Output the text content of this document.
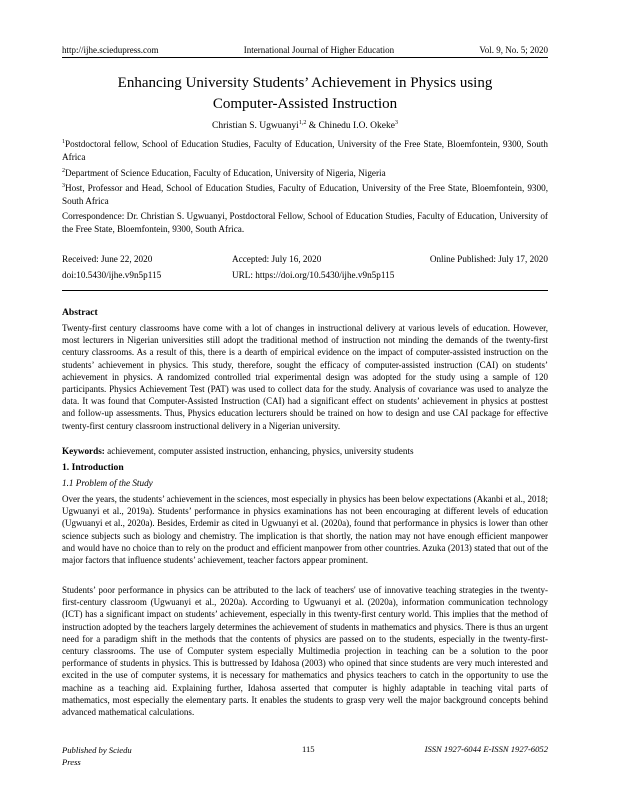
http://ijhe.sciedupress.com	International Journal of Higher Education	Vol. 9, No. 5; 2020
Enhancing University Students’ Achievement in Physics using
Computer-Assisted Instruction
Christian S. Ugwuanyi$^{1,2}$ & Chinedu I.O. Okeke$^3$
$^1$Postdoctoral fellow, School of Education Studies, Faculty of Education, University of the Free State, Bloemfontein, 9300, South Africa
$^2$Department of Science Education, Faculty of Education, University of Nigeria, Nigeria
$^3$Host, Professor and Head, School of Education Studies, Faculty of Education, University of the Free State, Bloemfontein, 9300, South Africa
Correspondence: Dr. Christian S. Ugwuanyi, Postdoctoral Fellow, School of Education Studies, Faculty of Education, University of the Free State, Bloemfontein, 9300, South Africa.
Received: June 22, 2020	Accepted: July 16, 2020	Online Published: July 17, 2020
doi:10.5430/ijhe.v9n5p115	URL: https://doi.org/10.5430/ijhe.v9n5p115
Abstract

Twenty-first century classrooms have come with a lot of changes in instructional delivery at various levels of education. However, most lecturers in Nigerian universities still adopt the traditional method of instruction not minding the demands of the twenty-first century classrooms. As a result of this, there is a dearth of empirical evidence on the impact of computer-assisted instruction on the students’ achievement in physics. This study, therefore, sought the efficacy of computer-assisted instruction (CAI) on students’ achievement in physics. A randomized controlled trial experimental design was adopted for the study using a sample of 120 participants. Physics Achievement Test (PAT) was used to collect data for the study. Analysis of covariance was used to analyze the data. It was found that Computer-Assisted Instruction (CAI) had a significant effect on students’ achievement in physics at posttest and follow-up assessments. Thus, Physics education lecturers should be trained on how to design and use CAI package for effective twenty-first century classroom instructional delivery in a Nigerian university.

Keywords: achievement, computer assisted instruction, enhancing, physics, university students
1. Introduction
1.1 Problem of the Study

Over the years, the students’ achievement in the sciences, most especially in physics has been below expectations (Akanbi et al., 2018; Ugwuanyi et al., 2019a). Students’ performance in physics examinations has not been encouraging at different levels of education (Ugwuanyi et al., 2020a). Besides, Erdemir as cited in Ugwuanyi et al. (2020a), found that performance in physics is lower than other science subjects such as biology and chemistry. The implication is that shortly, the nation may not have enough efficient manpower and would have no choice than to rely on the product and efficient manpower from other countries. Azuka (2013) stated that out of the major factors that influence students’ achievement, teacher factors appear prominent.

Students’ poor performance in physics can be attributed to the lack of teachers' use of innovative teaching strategies in the twenty-first-century classroom (Ugwuanyi et al., 2020a). According to Ugwuanyi et al. (2020a), information communication technology (ICT) has a significant impact on students’ achievement, especially in this twenty-first century world. This implies that the method of instruction adopted by the teachers largely determines the achievement of students in mathematics and physics. There is thus an urgent need for a paradigm shift in the methods that the contents of physics are passed on to the students, especially in the twenty-first-century classrooms. The use of Computer system especially Multimedia projection in teaching can be a solution to the poor performance of students in physics. This is buttressed by Idahosa (2003) who opined that since students are very much interested and excited in the use of computer systems, it is necessary for mathematics and physics teachers to catch in the opportunity to use the machine as a teaching aid. Explaining further, Idahosa asserted that computer is highly adaptable in teaching vital parts of mathematics, most especially the elementary parts. It enables the students to grasp very well the major background concepts behind advanced mathematical calculations.

Published by Sciedu Press
115	ISSN 1927-6044 E-ISSN 1927-6052
